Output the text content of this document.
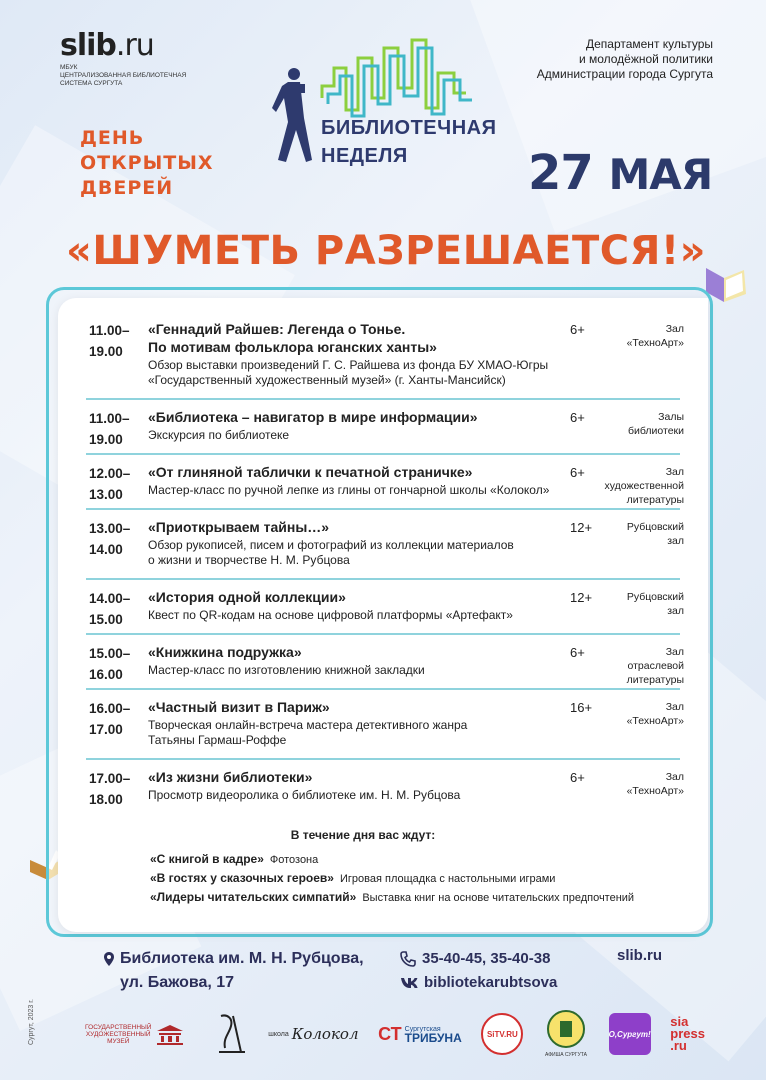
slib.ru
МБУК
ЦЕНТРАЛИЗОВАННАЯ БИБЛИОТЕЧНАЯ
СИСТЕМА СУРГУТА
БИБЛИОТЕЧНАЯ
НЕДЕЛЯ
Департамент культуры
и молодёжной политики
Администрации города Сургута
ДЕНЬ
ОТКРЫТЫХ
ДВЕРЕЙ	27 МАЯ
«ШУМЕТЬ РАЗРЕШАЕТСЯ!»
11.00–
19.00
«Геннадий Райшев: Легенда о Тонье.
По мотивам фольклора юганских ханты»
Обзор выставки произведений Г. С. Райшева из фонда БУ ХМАО-Югры
«Государственный художественный музей» (г. Ханты-Мансийск)
6+	Зал
«ТехноАрт»
11.00–
19.00
«Библиотека – навигатор в мире информации»
Экскурсия по библиотеке
6+	Залы
библиотеки
12.00–
13.00
«От глиняной таблички к печатной страничке»
Мастер-класс по ручной лепке из глины от гончарной школы «Колокол»
6+	Зал
художественной
литературы
13.00–
14.00
«Приоткрываем тайны…»
Обзор рукописей, писем и фотографий из коллекции материалов
о жизни и творчестве Н. М. Рубцова
12+	Рубцовский
зал
14.00–
15.00
«История одной коллекции»
Квест по QR-кодам на основе цифровой платформы «Артефакт»
12+	Рубцовский
зал
15.00–
16.00
«Книжкина подружка»
Мастер-класс по изготовлению книжной закладки
6+	Зал
отраслевой
литературы
16.00–
17.00
«Частный визит в Париж»
Творческая онлайн-встреча мастера детективного жанра
Татьяны Гармаш-Роффе
16+	Зал
«ТехноАрт»
17.00–
18.00
«Из жизни библиотеки»
Просмотр видеоролика о библиотеке им. Н. М. Рубцова
6+	Зал
«ТехноАрт»
В течение дня вас ждут:
«С книгой в кадре» Фотозона
«В гостях у сказочных героев» Игровая площадка с настольными играми
«Лидеры читательских симпатий» Выставка книг на основе читательских предпочтений
Библиотека им. М. Н. Рубцова,
ул. Бажова, 17
35-40-45, 35-40-38
bibliotekarubtsova
slib.ru
Сургут, 2023 г.	ГОСУДАРСТВЕННЫЙ
ХУДОЖЕСТВЕННЫЙ
МУЗЕЙ
школа Колокол СТ Сургутская
ТРИБУНА	SiTV.RU
АФИША СУРГУТА
О,Сургут!
sia
press
.ru
